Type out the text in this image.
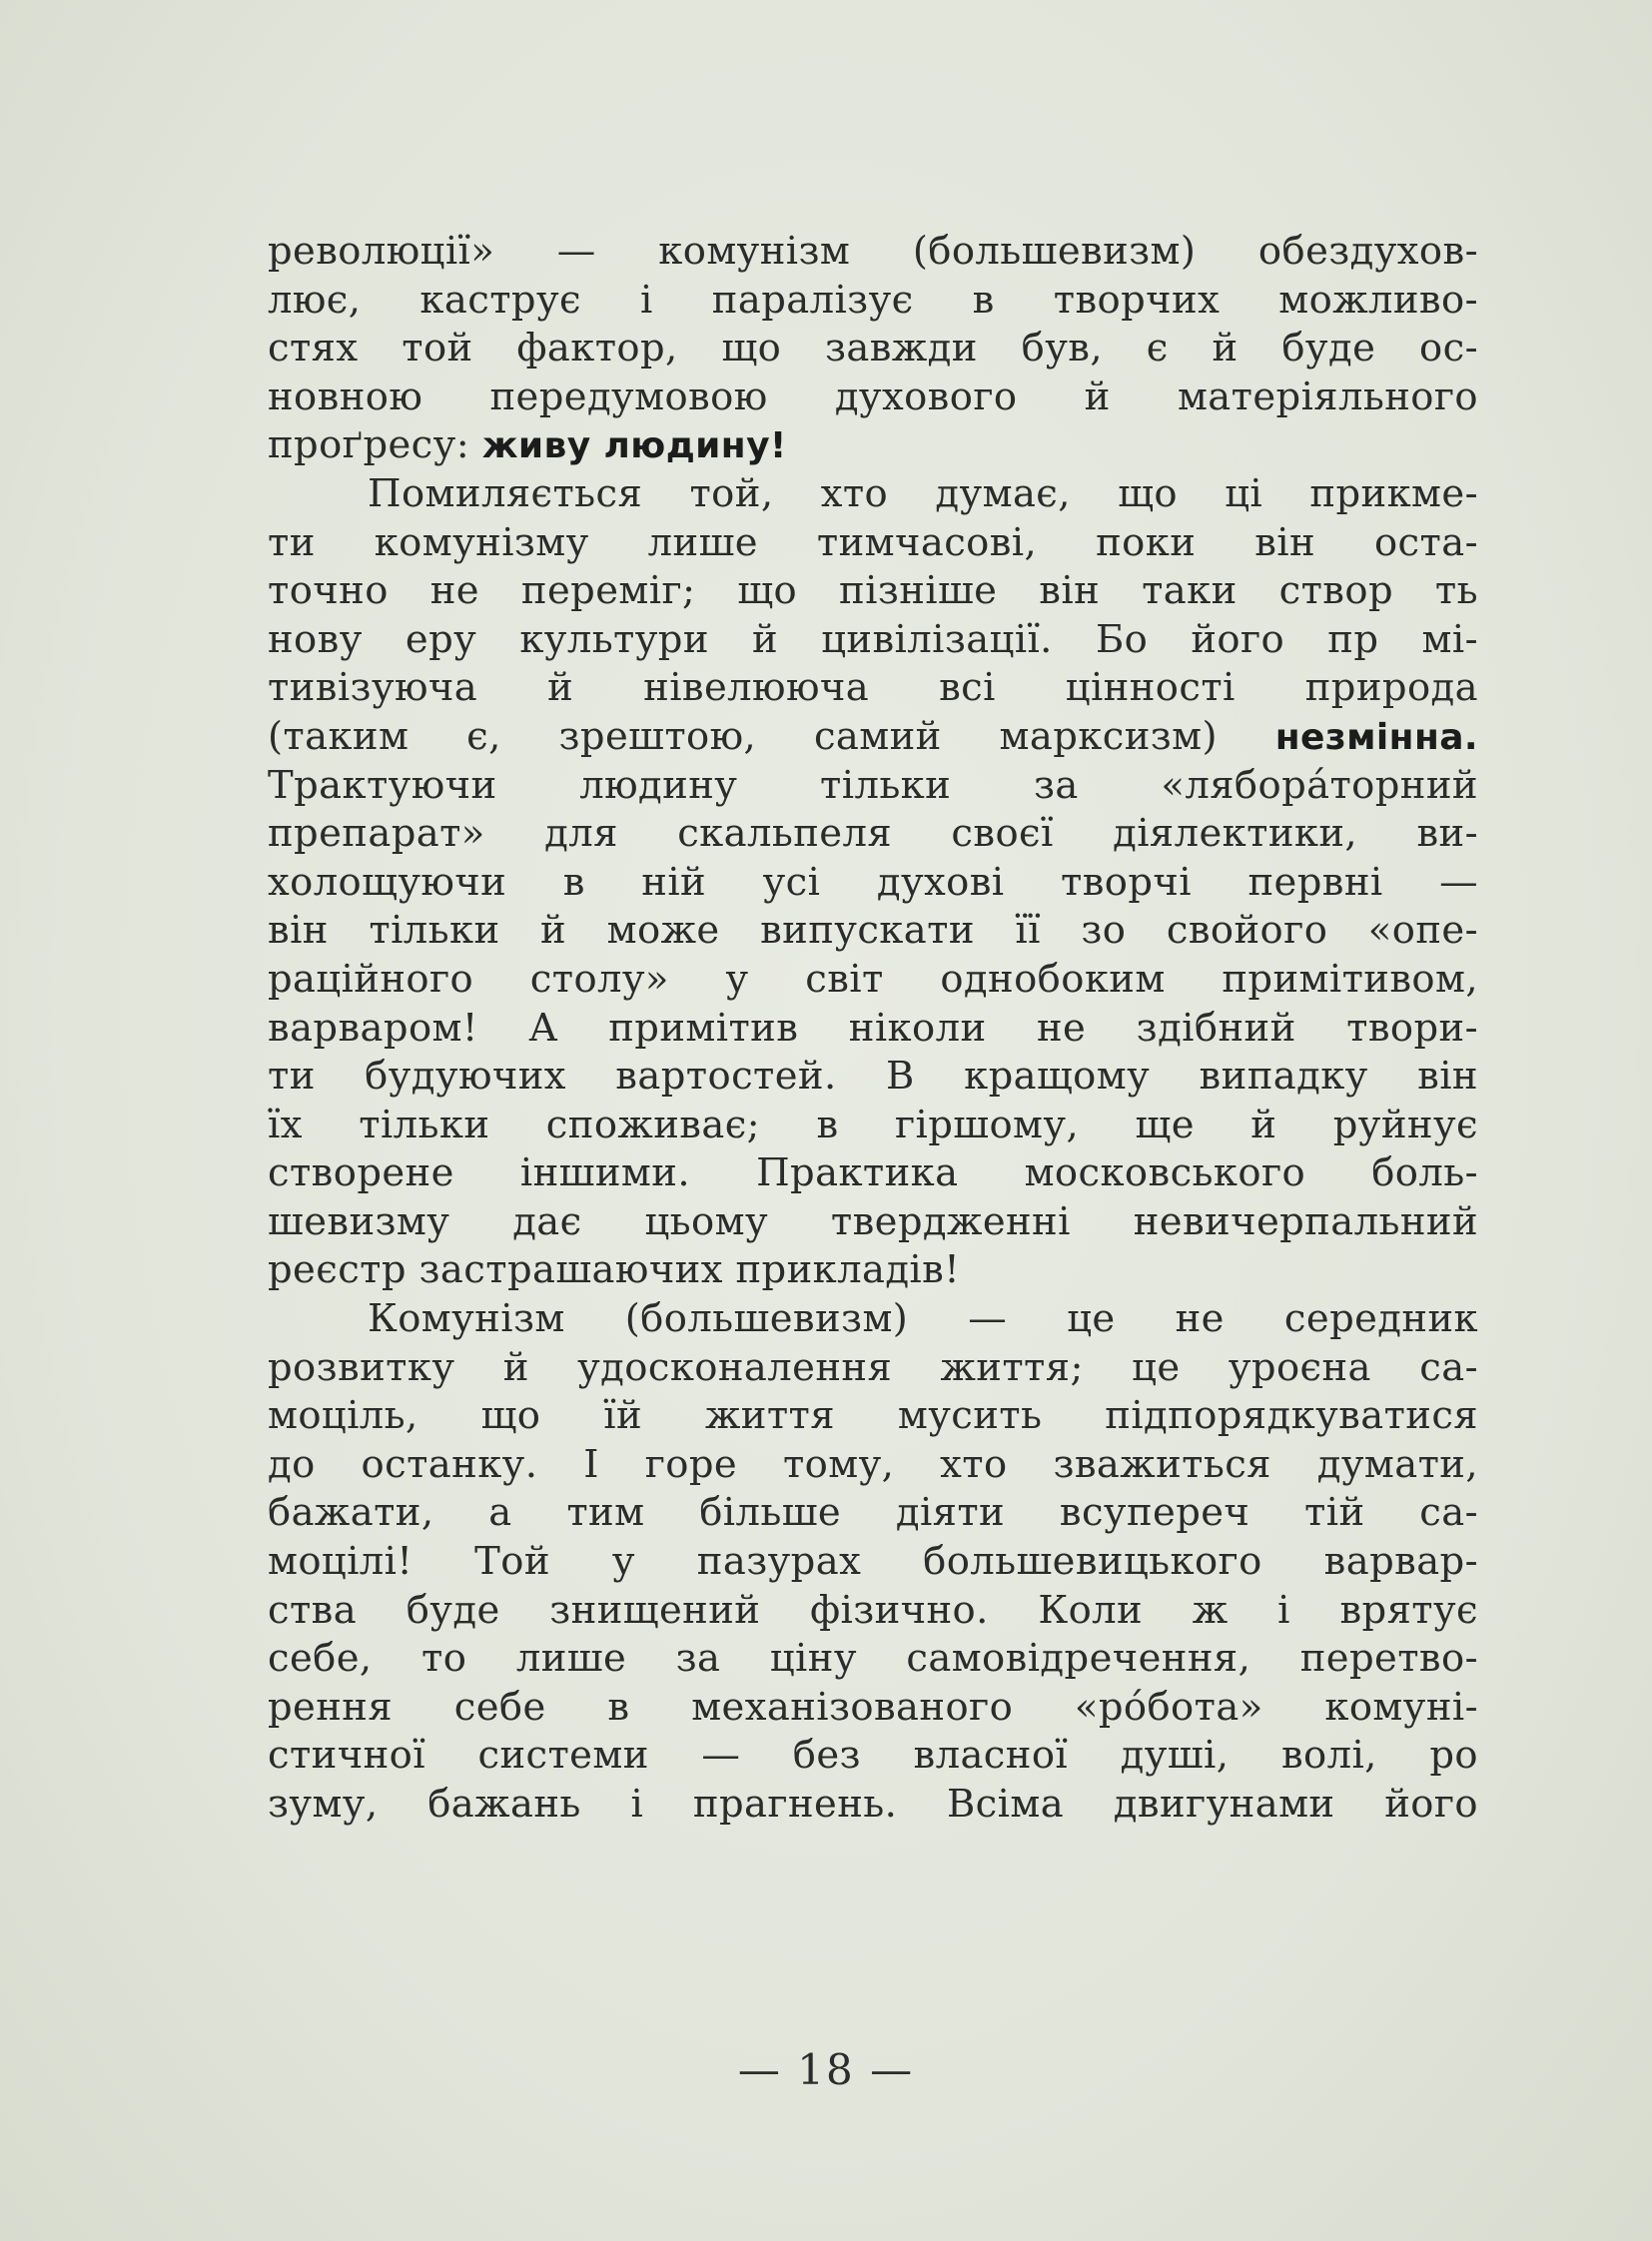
революції» — комунізм (большевизм) обездухов-
лює, каструє і паралізує в творчих можливо-
стях той фактор, що завжди був, є й буде ос-
новною передумовою духового й матеріяльного
проґресу: живу людину!
Помиляється той, хто думає, що ці прикме-
ти комунізму лише тимчасові, поки він оста-
точно не переміг; що пізніше він таки створ ть
нову еру культури й цивілізації. Бо його пр мі-
тивізуюча й нівелююча всі цінності природа
(таким є, зрештою, самий марксизм) незмінна.
Трактуючи людину тільки за «ляборáторний
препарат» для скальпеля своєї діялектики, ви-
холощуючи в ній усі духові творчі первні —
він тільки й може випускати її зо свойого «опе-
раційного столу» у світ однобоким примітивом,
варваром! А примітив ніколи не здібний твори-
ти будуючих вартостей. В кращому випадку він
їх тільки споживає; в гіршому, ще й руйнує
створене іншими. Практика московського боль-
шевизму дає цьому твердженні невичерпальний
реєстр застрашаючих прикладів!
Комунізм (большевизм) — це не середник
розвитку й удосконалення життя; це уроєна са-
моціль, що їй життя мусить підпорядкуватися
до останку. І горе тому, хто зважиться думати,
бажати, а тим більше діяти всупереч тій са-
моцілі! Той у пазурах большевицького варвар-
ства буде знищений фізично. Коли ж і врятує
себе, то лише за ціну самовідречення, перетво-
рення себе в механізованого «рóбота» комуні-
стичної системи — без власної душі, волі, ро
зуму, бажань і прагнень. Всіма двигунами його
— 18 —
